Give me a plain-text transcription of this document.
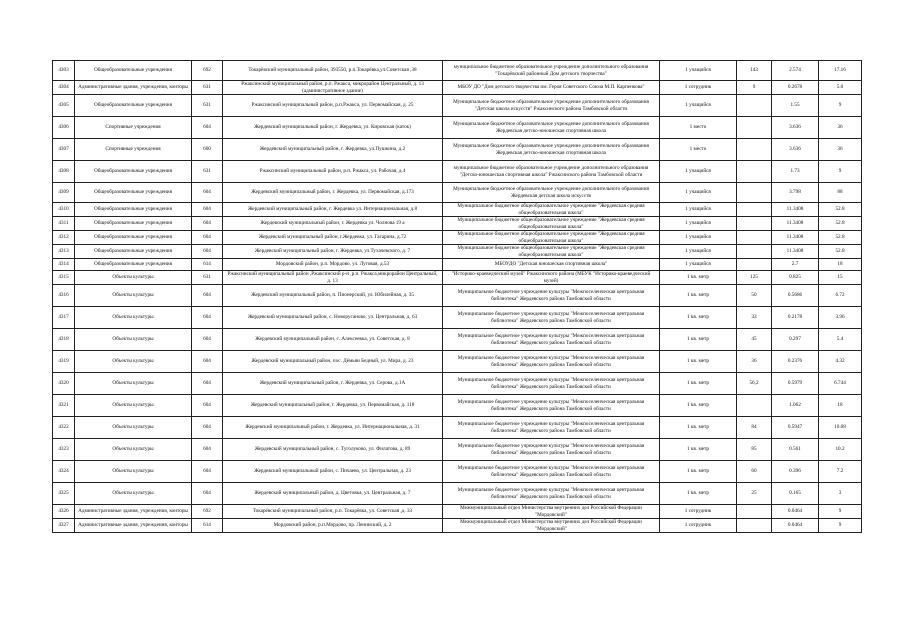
4303	Общеобразовательные учреждения	692	Токарёвский муниципальный район, 393550, р.п.Токарёвка,ул.Советская ,38	муниципальное бюджетное образовательное учреждение дополнительного образования "Токарёвский районный Дом детского творчества"	1 учащийся	143	2.574	17.16
4304	Административные здания, учреждения, конторы	631	Ржаксинский муниципальный район, р.п. Ржакса, микрорайон Центральный, д. 13 (административное здание)	МБОУ ДО "Дом детского творчества им. Героя Советского Союза М.П. Карпенкова"	1 сотрудник	9	0.2678	5.0
4305	Общеобразовательные учреждения	631	Ржаксинский муниципальный район, р.п.Ржакса, ул. Первомайская, д. 25	Муниципальное бюджетное образовательное учреждение дополнительного образования "Детская школа искусств" Ржаксинского района Тамбовской области	1 учащийся		1.55	9
4306	Спортивные учреждения	604	Жердевский муниципальный район, г. Жердевка, ул. Кировская (каток)	Муниципальное бюджетное образовательное учреждение дополнительного образования Жердевская детско-юношеская спортивная школа	1 место		3.636	36
4307	Спортивные учреждения	600	Жердевский муниципальный район, г. Жердевка, ул.Пушкина, д.2	Муниципальное бюджетное образовательное учреждение дополнительного образования Жердевская детско-юношеская спортивная школа	1 место		3.636	36
4308	Общеобразовательные учреждения	631	Ржаксинский муниципальный район, р.п. Ржакса, ул. Рабочая, д.4	муниципальное бюджетное образовательное учреждение дополнительного образования "Детско-юношеская спортивная школа" Ржаксинского района Тамбовской области	1 учащийся		1.73	9
4309	Общеобразовательные учреждения	604	Жердевский муниципальный район, г. Жердевка, ул. Первомайская, д.173	Муниципальное бюджетное образовательное учреждение дополнительного образования Жердевская детская школа искусств	1 учащийся		3.798	88
4310	Общеобразовательные учреждения	604	Жердевский муниципальный район, г. Жердевка ул. Интернациональная, д.8	Муниципальное бюджетное общеобразовательное учреждение "Жердевская средняя общеобразовательная школа"	1 учащийся		11.3408	52.8
4311	Общеобразовательные учреждения	604	Жердевский муниципальный район, г. Жердевка ул. Чолнова 19 а	Муниципальное бюджетное общеобразовательное учреждение "Жердевская средняя общеобразовательная школа"	1 учащийся		11.3408	52.8
4312	Общеобразовательные учреждения	604	Жердевский муниципальный район, г.Жердевка, ул. Гагарина, д.72	Муниципальное бюджетное общеобразовательное учреждение "Жердевская средняя общеобразовательная школа"	1 учащийся		11.3408	52.8
4313	Общеобразовательные учреждения	604	Жердевский муниципальный район, г. Жердевка, ул.Тухачевского, д. 7	Муниципальное бюджетное общеобразовательное учреждение "Жердевская средняя общеобразовательная школа"	1 учащийся		11.3408	52.8
4314	Общеобразовательные учреждения	614	Мордовский район, р.п. Мордово, ул. Луговая, д.53	МБОУДО "Детская юношеская спортивная школа"	1 учащийся		2.7	18
4315	Объекты культуры	631	Ржаксинский муниципальный район ,Ржаксинский р-н ,р.п. Ржакса,микрорайон Центральный, д. 13	"Историко-краеведческий музей" Ржаксинского района (МБУК "Историко-краеведческий музей)	1 кв. метр	125	0.825	15
4316	Объекты культуры	604	Жердевский муниципальный район, п. Пионерский, ул. Юбилейная, д. 35	Муниципальное бюджетное учреждение культуры "Межпоселенческая центральная библиотека" Жердевского района Тамбовской области	1 кв. метр	50	0.5686	6.72
4317	Объекты культуры	604	Жердевский муниципальный район, с. Новорусаново, ул. Центральная, д. 63	Муниципальное бюджетное учреждение культуры "Межпоселенческая центральная библиотека" Жердевского района Тамбовской области	1 кв. метр	33	0.2178	3.96
4318	Объекты культуры	604	Жердевский муниципальный район, с. Алексеевка, ул. Советская, д. 8	Муниципальное бюджетное учреждение культуры "Межпоселенческая центральная библиотека" Жердевского района Тамбовской области	1 кв. метр	45	0.297	5.4
4319	Объекты культуры	604	Жердевский муниципальный район, пос. Дёмьян Бедный, ул. Мира, д. 23	Муниципальное бюджетное учреждение культуры "Межпоселенческая центральная библиотека" Жердевского района Тамбовской области	1 кв. метр	36	0.2376	4.32
4320	Объекты культуры	604	Жердевский муниципальный район, г. Жердевка, ул. Серова, д.1А	Муниципальное бюджетное учреждение культуры "Межпоселенческая центральная библиотека" Жердевского района Тамбовской области	1 кв. метр	56,2	0.5979	6.744
4321	Объекты культуры	604	Жердевский муниципальный район, г. Жердевка, ул. Первомайская, д. 118	Муниципальное бюджетное учреждение культуры "Межпоселенческая центральная библиотека" Жердевского района Тамбовской области	1 кв. метр		1.062	18
4322	Объекты культуры	604	Жердевский муниципальный район, г. Жердевка, ул. Интернациональная, д. 31	Муниципальное бюджетное учреждение культуры "Межпоселенческая центральная библиотека" Жердевского района Тамбовской области	1 кв. метр	84	0.5947	10.08
4323	Объекты культуры	604	Жердевский муниципальный район, с. Туголуково, ул. Филатова, д. 89	Муниципальное бюджетное учреждение культуры "Межпоселенческая центральная библиотека" Жердевского района Тамбовской области	1 кв. метр	85	0.561	10.2
4324	Объекты культуры	604	Жердевский муниципальный район, с. Пичаево, ул. Центральная, д. 23	Муниципальное бюджетное учреждение культуры "Межпоселенческая центральная библиотека" Жердевского района Тамбовской области	1 кв. метр	60	0.396	7.2
4325	Объекты культуры	604	Жердевский муниципальный район, д. Цветовка, ул. Центральная, д. 7	Муниципальное бюджетное учреждение культуры "Межпоселенческая центральная библиотека" Жердевского района Тамбовской области	1 кв. метр	25	0.165	3
4326	Административные здания, учреждения, конторы	692	Токарёвский муниципальный район, р.п. Токарёвка, ул. Советская ,д. 33	Межмуниципальный отдел Министерства внутренних дел Российской Федерации "Мордовский"	1 сотрудник		0.0464	9
4327	Административные здания, учреждения, конторы	614	Мордовский район, р.п.Мордово, пр. Ленинский, д. 2	Межмуниципальный отдел Министерства внутренних дел Российской Федерации "Мордовский"	1 сотрудник		0.0464	9
